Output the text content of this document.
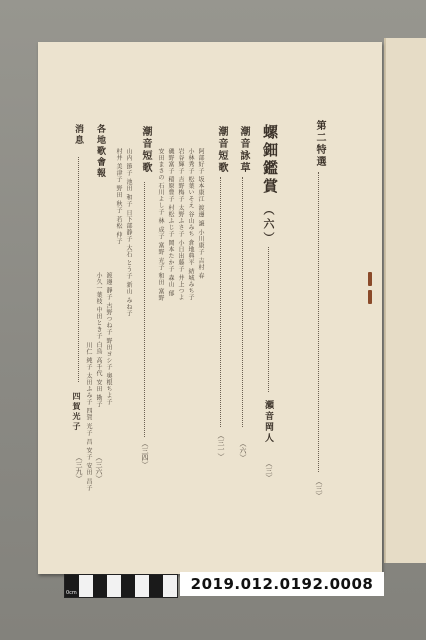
第二特選
螺鈿鑑賞
（六）
（三）
瀬音岡人
（三）
潮音詠草
（六）
潮音短歌
（三一）
阿部好子 坂本康江 渡邊 譲 小川康子 吉村 春
小林秀子 松葉いそえ 谷山みち 倉地典平 結城みち子
岩谷輝子 吉野梅子 太野ふさ子 小日出藤子 井上つよ
磯野富子 稲原豊子 村松ふじ子 岡本たか子 森山 郁
安田まさの 石川よし子 林 成子 富野 光子 和田 富野
潮音短歌
（三四）
山内 節子 池田 和子 日下部静子 大石 とう子 新山 みね子
村井 美津子 野田 秋子 若松 仲子
渡邊 靜子 古野つね子 野田ヨシ子 奥根ちよ子
小久一葉枝 中田とき子 白鳥 高千代 安田 勘子
川仁 純子 太田ふみ子 四賀 光子 昌 安子 安田 昌子
各地歌會報
（三六）
消息
四賀光子
（三九）
0cm	5cm	2019.012.0192.0008
